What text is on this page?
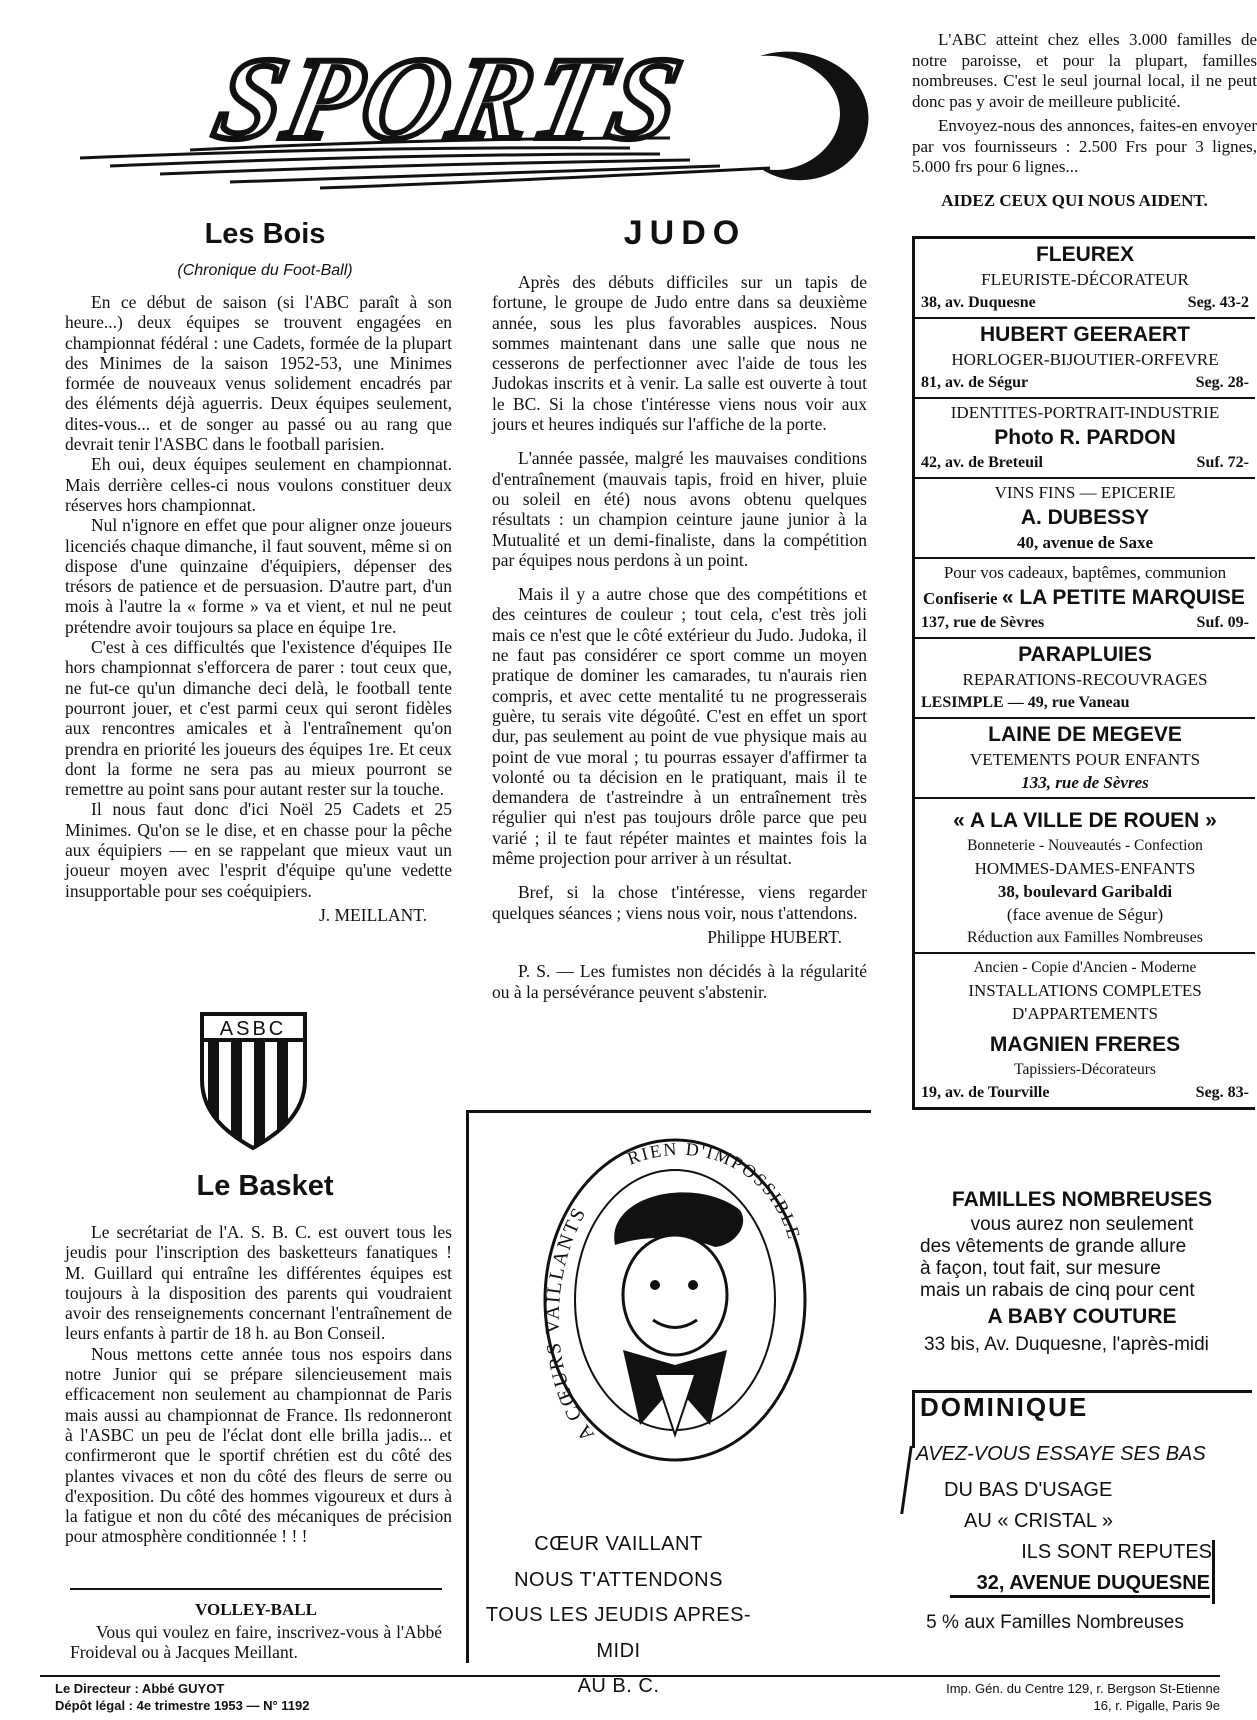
SPORTS	L'ABC atteint chez elles 3.000 familles de notre paroisse, et pour la plupart, familles nombreuses. C'est le seul journal local, il ne peut donc pas y avoir de meilleure publicité.
Envoyez-nous des annonces, faites-en envoyer par vos fournisseurs : 2.500 Frs pour 3 lignes, 5.000 frs pour 6 lignes...
AIDEZ CEUX QUI NOUS AIDENT.
Les Bois
(Chronique du Foot-Ball)

En ce début de saison (si l'ABC paraît à son heure...) deux équipes se trouvent engagées en championnat fédéral : une Cadets, formée de la plupart des Minimes de la saison 1952-53, une Minimes formée de nouveaux venus solidement encadrés par des éléments déjà aguerris. Deux équipes seulement, dites-vous... et de songer au passé ou au rang que devrait tenir l'ASBC dans le football parisien.

Eh oui, deux équipes seulement en championnat. Mais derrière celles-ci nous voulons constituer deux réserves hors championnat.

Nul n'ignore en effet que pour aligner onze joueurs licenciés chaque dimanche, il faut souvent, même si on dispose d'une quinzaine d'équipiers, dépenser des trésors de patience et de persuasion. D'autre part, d'un mois à l'autre la « forme » va et vient, et nul ne peut prétendre avoir toujours sa place en équipe 1re.

C'est à ces difficultés que l'existence d'équipes IIe hors championnat s'efforcera de parer : tout ceux que, ne fut-ce qu'un dimanche deci delà, le football tente pourront jouer, et c'est parmi ceux qui seront fidèles aux rencontres amicales et à l'entraînement qu'on prendra en priorité les joueurs des équipes 1re. Et ceux dont la forme ne sera pas au mieux pourront se remettre au point sans pour autant rester sur la touche.

Il nous faut donc d'ici Noël 25 Cadets et 25 Minimes. Qu'on se le dise, et en chasse pour la pêche aux équipiers — en se rappelant que mieux vaut un joueur moyen avec l'esprit d'équipe qu'une vedette insupportable pour ses coéquipiers.

J. MEILLANT.
ASBC
Le Basket

Le secrétariat de l'A. S. B. C. est ouvert tous les jeudis pour l'inscription des basketteurs fanatiques ! M. Guillard qui entraîne les différentes équipes est toujours à la disposition des parents qui voudraient avoir des renseignements concernant l'entraînement de leurs enfants à partir de 18 h. au Bon Conseil.

Nous mettons cette année tous nos espoirs dans notre Junior qui se prépare silencieusement mais efficacement non seulement au championnat de Paris mais aussi au championnat de France. Ils redonneront à l'ASBC un peu de l'éclat dont elle brilla jadis... et confirmeront que le sportif chrétien est du côté des plantes vivaces et non du côté des fleurs de serre ou d'exposition. Du côté des hommes vigoureux et durs à la fatigue et non du côté des mécaniques de précision pour atmosphère conditionnée ! ! !

VOLLEY-BALL
Vous qui voulez en faire, inscrivez-vous à l'Abbé Froideval ou à Jacques Meillant.
JUDO

Après des débuts difficiles sur un tapis de fortune, le groupe de Judo entre dans sa deuxième année, sous les plus favorables auspices. Nous sommes maintenant dans une salle que nous ne cesserons de perfectionner avec l'aide de tous les Judokas inscrits et à venir. La salle est ouverte à tout le BC. Si la chose t'intéresse viens nous voir aux jours et heures indiqués sur l'affiche de la porte.

L'année passée, malgré les mauvaises conditions d'entraînement (mauvais tapis, froid en hiver, pluie ou soleil en été) nous avons obtenu quelques résultats : un champion ceinture jaune junior à la Mutualité et un demi-finaliste, dans la compétition par équipes nous perdons à un point.

Mais il y a autre chose que des compétitions et des ceintures de couleur ; tout cela, c'est très joli mais ce n'est que le côté extérieur du Judo. Judoka, il ne faut pas considérer ce sport comme un moyen pratique de dominer les camarades, tu n'aurais rien compris, et avec cette mentalité tu ne progresserais guère, tu serais vite dégoûté. C'est en effet un sport dur, pas seulement au point de vue physique mais au point de vue moral ; tu pourras essayer d'affirmer ta volonté ou ta décision en le pratiquant, mais il te demandera de t'astreindre à un entraînement très régulier qui n'est pas toujours drôle parce que peu varié ; il te faut répéter maintes et maintes fois la même projection pour arriver à un résultat.

Bref, si la chose t'intéresse, viens regarder quelques séances ; viens nous voir, nous t'attendons.

Philippe HUBERT.

P. S. — Les fumistes non décidés à la régularité ou à la persévérance peuvent s'abstenir.

A CŒURS VAILLANTS
RIEN D'IMPOSSIBLE
CŒUR VAILLANT
NOUS T'ATTENDONS
TOUS LES JEUDIS APRES-MIDI
AU B. C.
FLEUREX
FLEURISTE-DÉCORATEUR
38, av. Duquesne	Seg. 43-2
HUBERT GEERAERT
HORLOGER-BIJOUTIER-ORFEVRE
81, av. de Ségur	Seg. 28-
IDENTITES-PORTRAIT-INDUSTRIE
Photo R. PARDON
42, av. de Breteuil	Suf. 72-
VINS FINS — EPICERIE
A. DUBESSY
40, avenue de Saxe
Pour vos cadeaux, baptêmes, communion
Confiserie « LA PETITE MARQUISE
137, rue de Sèvres	Suf. 09-
PARAPLUIES
REPARATIONS-RECOUVRAGES
LESIMPLE — 49, rue Vaneau
LAINE DE MEGEVE
VETEMENTS POUR ENFANTS
133, rue de Sèvres
« A LA VILLE DE ROUEN »
Bonneterie - Nouveautés - Confection
HOMMES-DAMES-ENFANTS
38, boulevard Garibaldi
(face avenue de Ségur)
Réduction aux Familles Nombreuses
Ancien - Copie d'Ancien - Moderne
INSTALLATIONS COMPLETES
D'APPARTEMENTS
MAGNIEN FRERES
Tapissiers-Décorateurs
19, av. de Tourville	Seg. 83-
FAMILLES NOMBREUSES
vous aurez non seulement
des vêtements de grande allure
à façon, tout fait, sur mesure
mais un rabais de cinq pour cent
A BABY COUTURE
33 bis, Av. Duquesne, l'après-midi
DOMINIQUE
AVEZ-VOUS ESSAYE SES BAS
DU BAS D'USAGE
AU « CRISTAL »
ILS SONT REPUTES
32, AVENUE DUQUESNE
5 % aux Familles Nombreuses
Le Directeur : Abbé GUYOT
Dépôt légal : 4e trimestre 1953 — N° 1192
Imp. Gén. du Centre 129, r. Bergson St-Etienne
16, r. Pigalle, Paris 9e
